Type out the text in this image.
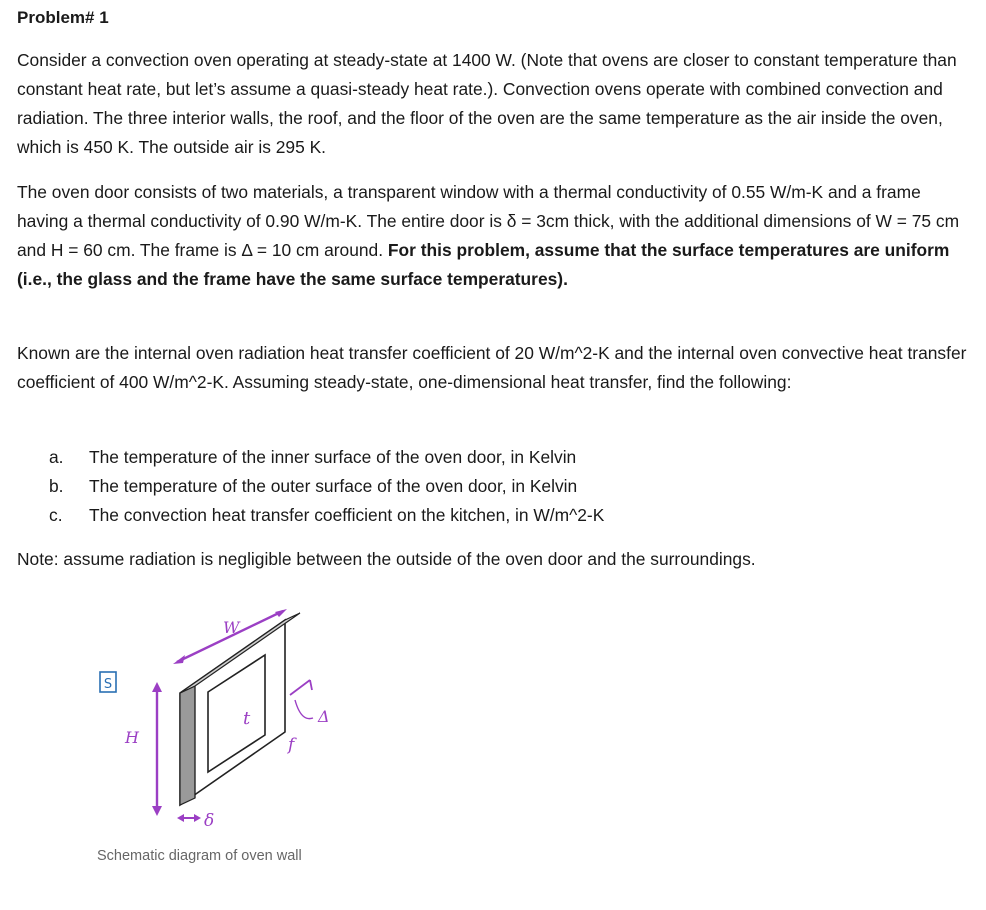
Problem# 1
Consider a convection oven operating at steady-state at 1400 W. (Note that ovens are closer to constant temperature than constant heat rate, but let’s assume a quasi-steady heat rate.). Convection ovens operate with combined convection and radiation. The three interior walls, the roof, and the floor of the oven are the same temperature as the air inside the oven, which is 450 K. The outside air is 295 K.
The oven door consists of two materials, a transparent window with a thermal conductivity of 0.55 W/m-K and a frame having a thermal conductivity of 0.90 W/m-K. The entire door is δ = 3cm thick, with the additional dimensions of W = 75 cm and H = 60 cm. The frame is Δ = 10 cm around. For this problem, assume that the surface temperatures are uniform (i.e., the glass and the frame have the same surface temperatures).
Known are the internal oven radiation heat transfer coefficient of 20 W/m^2-K and the internal oven convective heat transfer coefficient of 400 W/m^2-K. Assuming steady-state, one-dimensional heat transfer, find the following:
a.	The temperature of the inner surface of the oven door, in Kelvin
b.	The temperature of the outer surface of the oven door, in Kelvin
c.	The convection heat transfer coefficient on the kitchen, in W/m^2-K
Note: assume radiation is negligible between the outside of the oven door and the surroundings.
S
W
H
t
f
Δ
δ
Schematic diagram of oven wall
